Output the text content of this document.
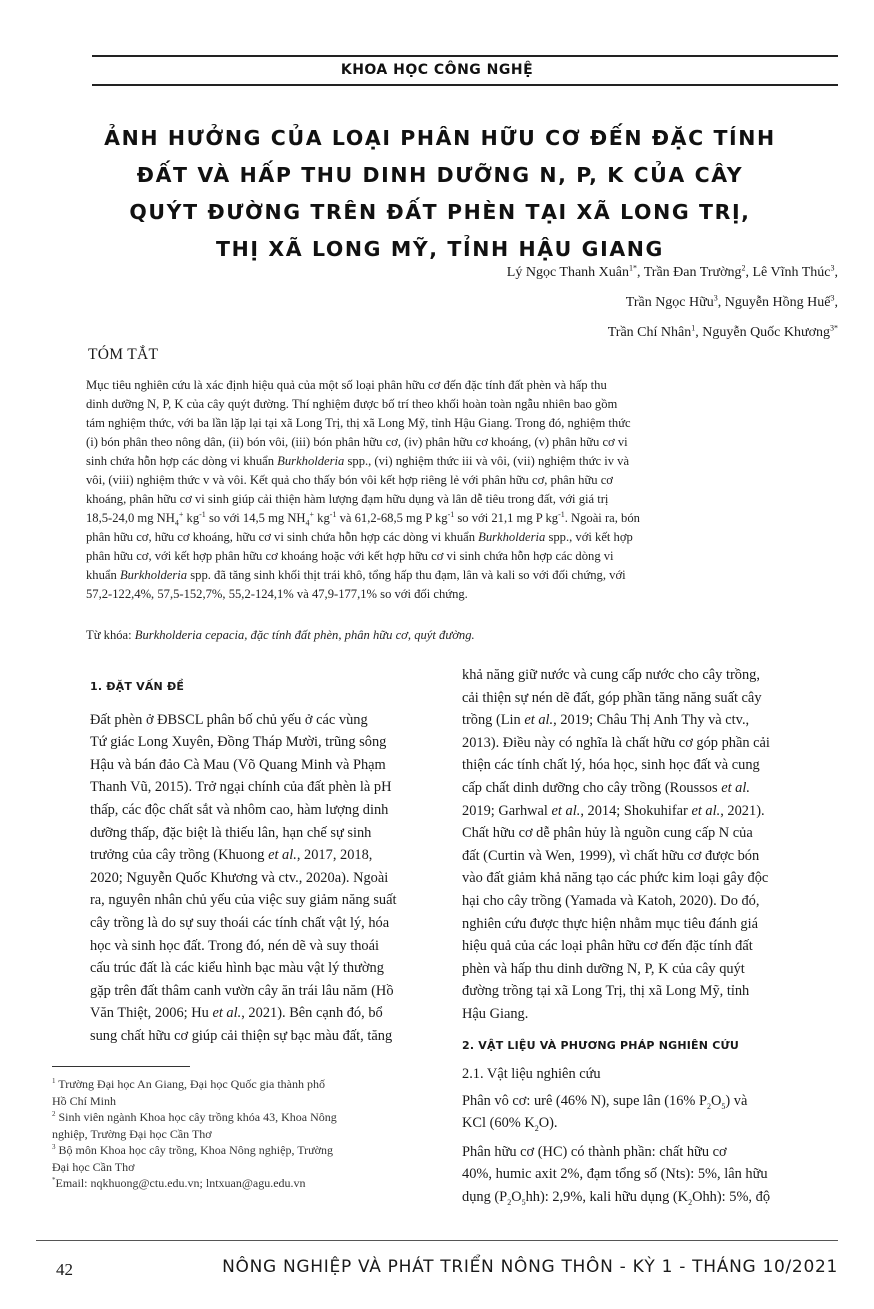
KHOA HỌC CÔNG NGHỆ
ẢNH HƯỞNG CỦA LOẠI PHÂN HỮU CƠ ĐẾN ĐẶC TÍNH
ĐẤT VÀ HẤP THU DINH DƯỠNG N, P, K CỦA CÂY
QUÝT ĐƯỜNG TRÊN ĐẤT PHÈN TẠI XÃ LONG TRỊ,
THỊ XÃ LONG MỸ, TỈNH HẬU GIANG
Lý Ngọc Thanh Xuân$^{1*}$, Trần Đan Trường$^2$, Lê Vĩnh Thúc$^3$,
Trần Ngọc Hữu$^3$, Nguyễn Hồng Huế$^3$,
Trần Chí Nhân$^1$, Nguyễn Quốc Khương$^{3*}$
TÓM TẮT
Mục tiêu nghiên cứu là xác định hiệu quả của một số loại phân hữu cơ đến đặc tính đất phèn và hấp thu
dinh dưỡng N, P, K của cây quýt đường. Thí nghiệm được bố trí theo khối hoàn toàn ngẫu nhiên bao gồm
tám nghiệm thức, với ba lần lặp lại tại xã Long Trị, thị xã Long Mỹ, tỉnh Hậu Giang. Trong đó, nghiệm thức
(i) bón phân theo nông dân, (ii) bón vôi, (iii) bón phân hữu cơ, (iv) phân hữu cơ khoáng, (v) phân hữu cơ vi
sinh chứa hỗn hợp các dòng vi khuẩn Burkholderia spp., (vi) nghiệm thức iii và vôi, (vii) nghiệm thức iv và
vôi, (viii) nghiệm thức v và vôi. Kết quả cho thấy bón vôi kết hợp riêng lẻ với phân hữu cơ, phân hữu cơ
khoáng, phân hữu cơ vi sinh giúp cải thiện hàm lượng đạm hữu dụng và lân dễ tiêu trong đất, với giá trị
18,5-24,0 mg $NH_4^+$ $kg^{-1}$ so với 14,5 mg $NH_4^+$ $kg^{-1}$ và 61,2-68,5 mg P $kg^{-1}$ so với 21,1 mg P $kg^{-1}$. Ngoài ra, bón
phân hữu cơ, hữu cơ khoáng, hữu cơ vi sinh chứa hỗn hợp các dòng vi khuẩn Burkholderia spp., với kết hợp
phân hữu cơ, với kết hợp phân hữu cơ khoáng hoặc với kết hợp hữu cơ vi sinh chứa hỗn hợp các dòng vi
khuẩn Burkholderia spp. đã tăng sinh khối thịt trái khô, tổng hấp thu đạm, lân và kali so với đối chứng, với
57,2-122,4%, 57,5-152,7%, 55,2-124,1% và 47,9-177,1% so với đối chứng.
Từ khóa: Burkholderia cepacia, đặc tính đất phèn, phân hữu cơ, quýt đường.
1. ĐẶT VẤN ĐỀ
Đất phèn ở ĐBSCL phân bố chủ yếu ở các vùng
Tứ giác Long Xuyên, Đồng Tháp Mười, trũng sông
Hậu và bán đảo Cà Mau (Võ Quang Minh và Phạm
Thanh Vũ, 2015). Trở ngại chính của đất phèn là pH
thấp, các độc chất sắt và nhôm cao, hàm lượng dinh
dưỡng thấp, đặc biệt là thiếu lân, hạn chế sự sinh
trưởng của cây trồng (Khuong et al., 2017, 2018,
2020; Nguyễn Quốc Khương và ctv., 2020a). Ngoài
ra, nguyên nhân chủ yếu của việc suy giảm năng suất
cây trồng là do sự suy thoái các tính chất vật lý, hóa
học và sinh học đất. Trong đó, nén dẽ và suy thoái
cấu trúc đất là các kiểu hình bạc màu vật lý thường
gặp trên đất thâm canh vườn cây ăn trái lâu năm (Hồ
Văn Thiệt, 2006; Hu et al., 2021). Bên cạnh đó, bổ
sung chất hữu cơ giúp cải thiện sự bạc màu đất, tăng
khả năng giữ nước và cung cấp nước cho cây trồng,
cải thiện sự nén dẽ đất, góp phần tăng năng suất cây
trồng (Lin et al., 2019; Châu Thị Anh Thy và ctv.,
2013). Điều này có nghĩa là chất hữu cơ góp phần cải
thiện các tính chất lý, hóa học, sinh học đất và cung
cấp chất dinh dưỡng cho cây trồng (Roussos et al.
2019; Garhwal et al., 2014; Shokuhifar et al., 2021).
Chất hữu cơ dễ phân hủy là nguồn cung cấp N của
đất (Curtin và Wen, 1999), vì chất hữu cơ được bón
vào đất giảm khả năng tạo các phức kim loại gây độc
hại cho cây trồng (Yamada và Katoh, 2020). Do đó,
nghiên cứu được thực hiện nhằm mục tiêu đánh giá
hiệu quả của các loại phân hữu cơ đến đặc tính đất
phèn và hấp thu dinh dưỡng N, P, K của cây quýt
đường trồng tại xã Long Trị, thị xã Long Mỹ, tỉnh
Hậu Giang.
2. VẬT LIỆU VÀ PHƯƠNG PHÁP NGHIÊN CỨU
2.1. Vật liệu nghiên cứu
Phân vô cơ: urê (46% N), supe lân (16% $P_2O_5$) và
KCl (60% $K_2O$).
Phân hữu cơ (HC) có thành phần: chất hữu cơ
40%, humic axit 2%, đạm tổng số (Nts): 5%, lân hữu
dụng $(P_2O_5hh)$: 2,9%, kali hữu dụng $(K_2Ohh)$: 5%, độ
$^1$ Trường Đại học An Giang, Đại học Quốc gia thành phố
Hồ Chí Minh
$^2$ Sinh viên ngành Khoa học cây trồng khóa 43, Khoa Nông
nghiệp, Trường Đại học Cần Thơ
$^3$ Bộ môn Khoa học cây trồng, Khoa Nông nghiệp, Trường
Đại học Cần Thơ
*Email: nqkhuong@ctu.edu.vn; lntxuan@agu.edu.vn
42	NÔNG NGHIỆP VÀ PHÁT TRIỂN NÔNG THÔN - KỲ 1 - THÁNG 10/2021
